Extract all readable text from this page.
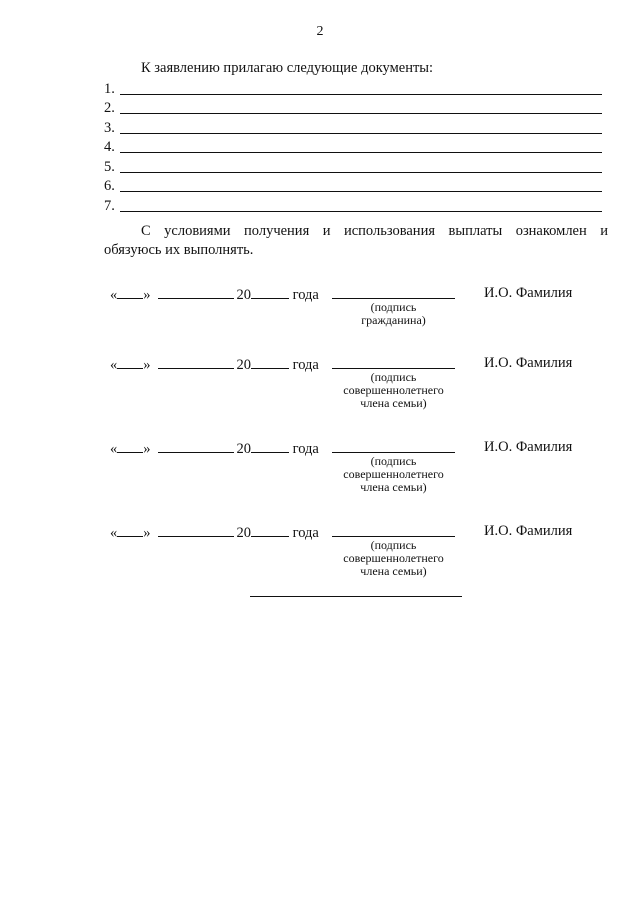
2
К заявлению прилагаю следующие документы:
1.
2.
3.
4.
5.
6.
7.
С условиями получения и использования выплаты ознакомлен и
обязуюсь их выполнять.
« »	20	года
(подпись
гражданина)
И.О. Фамилия
« »	20	года
(подпись
совершеннолетнего
члена семьи)
И.О. Фамилия
« »	20	года
(подпись
совершеннолетнего
члена семьи)
И.О. Фамилия
« »	20	года
(подпись
совершеннолетнего
члена семьи)
И.О. Фамилия
